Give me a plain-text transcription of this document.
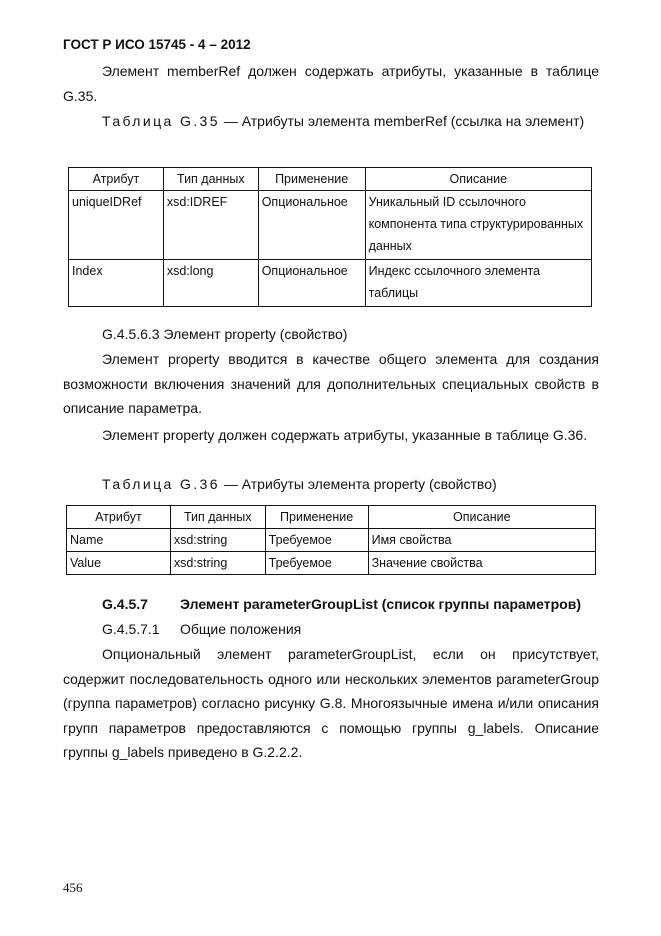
ГОСТ Р ИСО 15745 - 4 – 2012
Элемент memberRef должен содержать атрибуты, указанные в таблице G.35.
Таблица G.35 — Атрибуты элемента memberRef (ссылка на элемент)
Атрибут	Тип данных	Применение	Описание
uniqueIDRef	xsd:IDREF	Опциональное	Уникальный ID ссылочного компонента типа структурированных данных
Index	xsd:long	Опциональное	Индекс ссылочного элемента таблицы
G.4.5.6.3 Элемент property (свойство)
Элемент property вводится в качестве общего элемента для создания возможности включения значений для дополнительных специальных свойств в описание параметра.
Элемент property должен содержать атрибуты, указанные в таблице G.36.
Таблица G.36 — Атрибуты элемента property (свойство)
Атрибут	Тип данных	Применение	Описание
Name	xsd:string	Требуемое	Имя свойства
Value	xsd:string	Требуемое	Значение свойства
G.4.5.7 Элемент parameterGroupList (список группы параметров)
G.4.5.7.1 Общие положения
Опциональный элемент parameterGroupList, если он присутствует, содержит последовательность одного или нескольких элементов parameterGroup (группа параметров) согласно рисунку G.8. Многоязычные имена и/или описания групп параметров предоставляются с помощью группы g_labels. Описание группы g_labels приведено в G.2.2.2.
456
